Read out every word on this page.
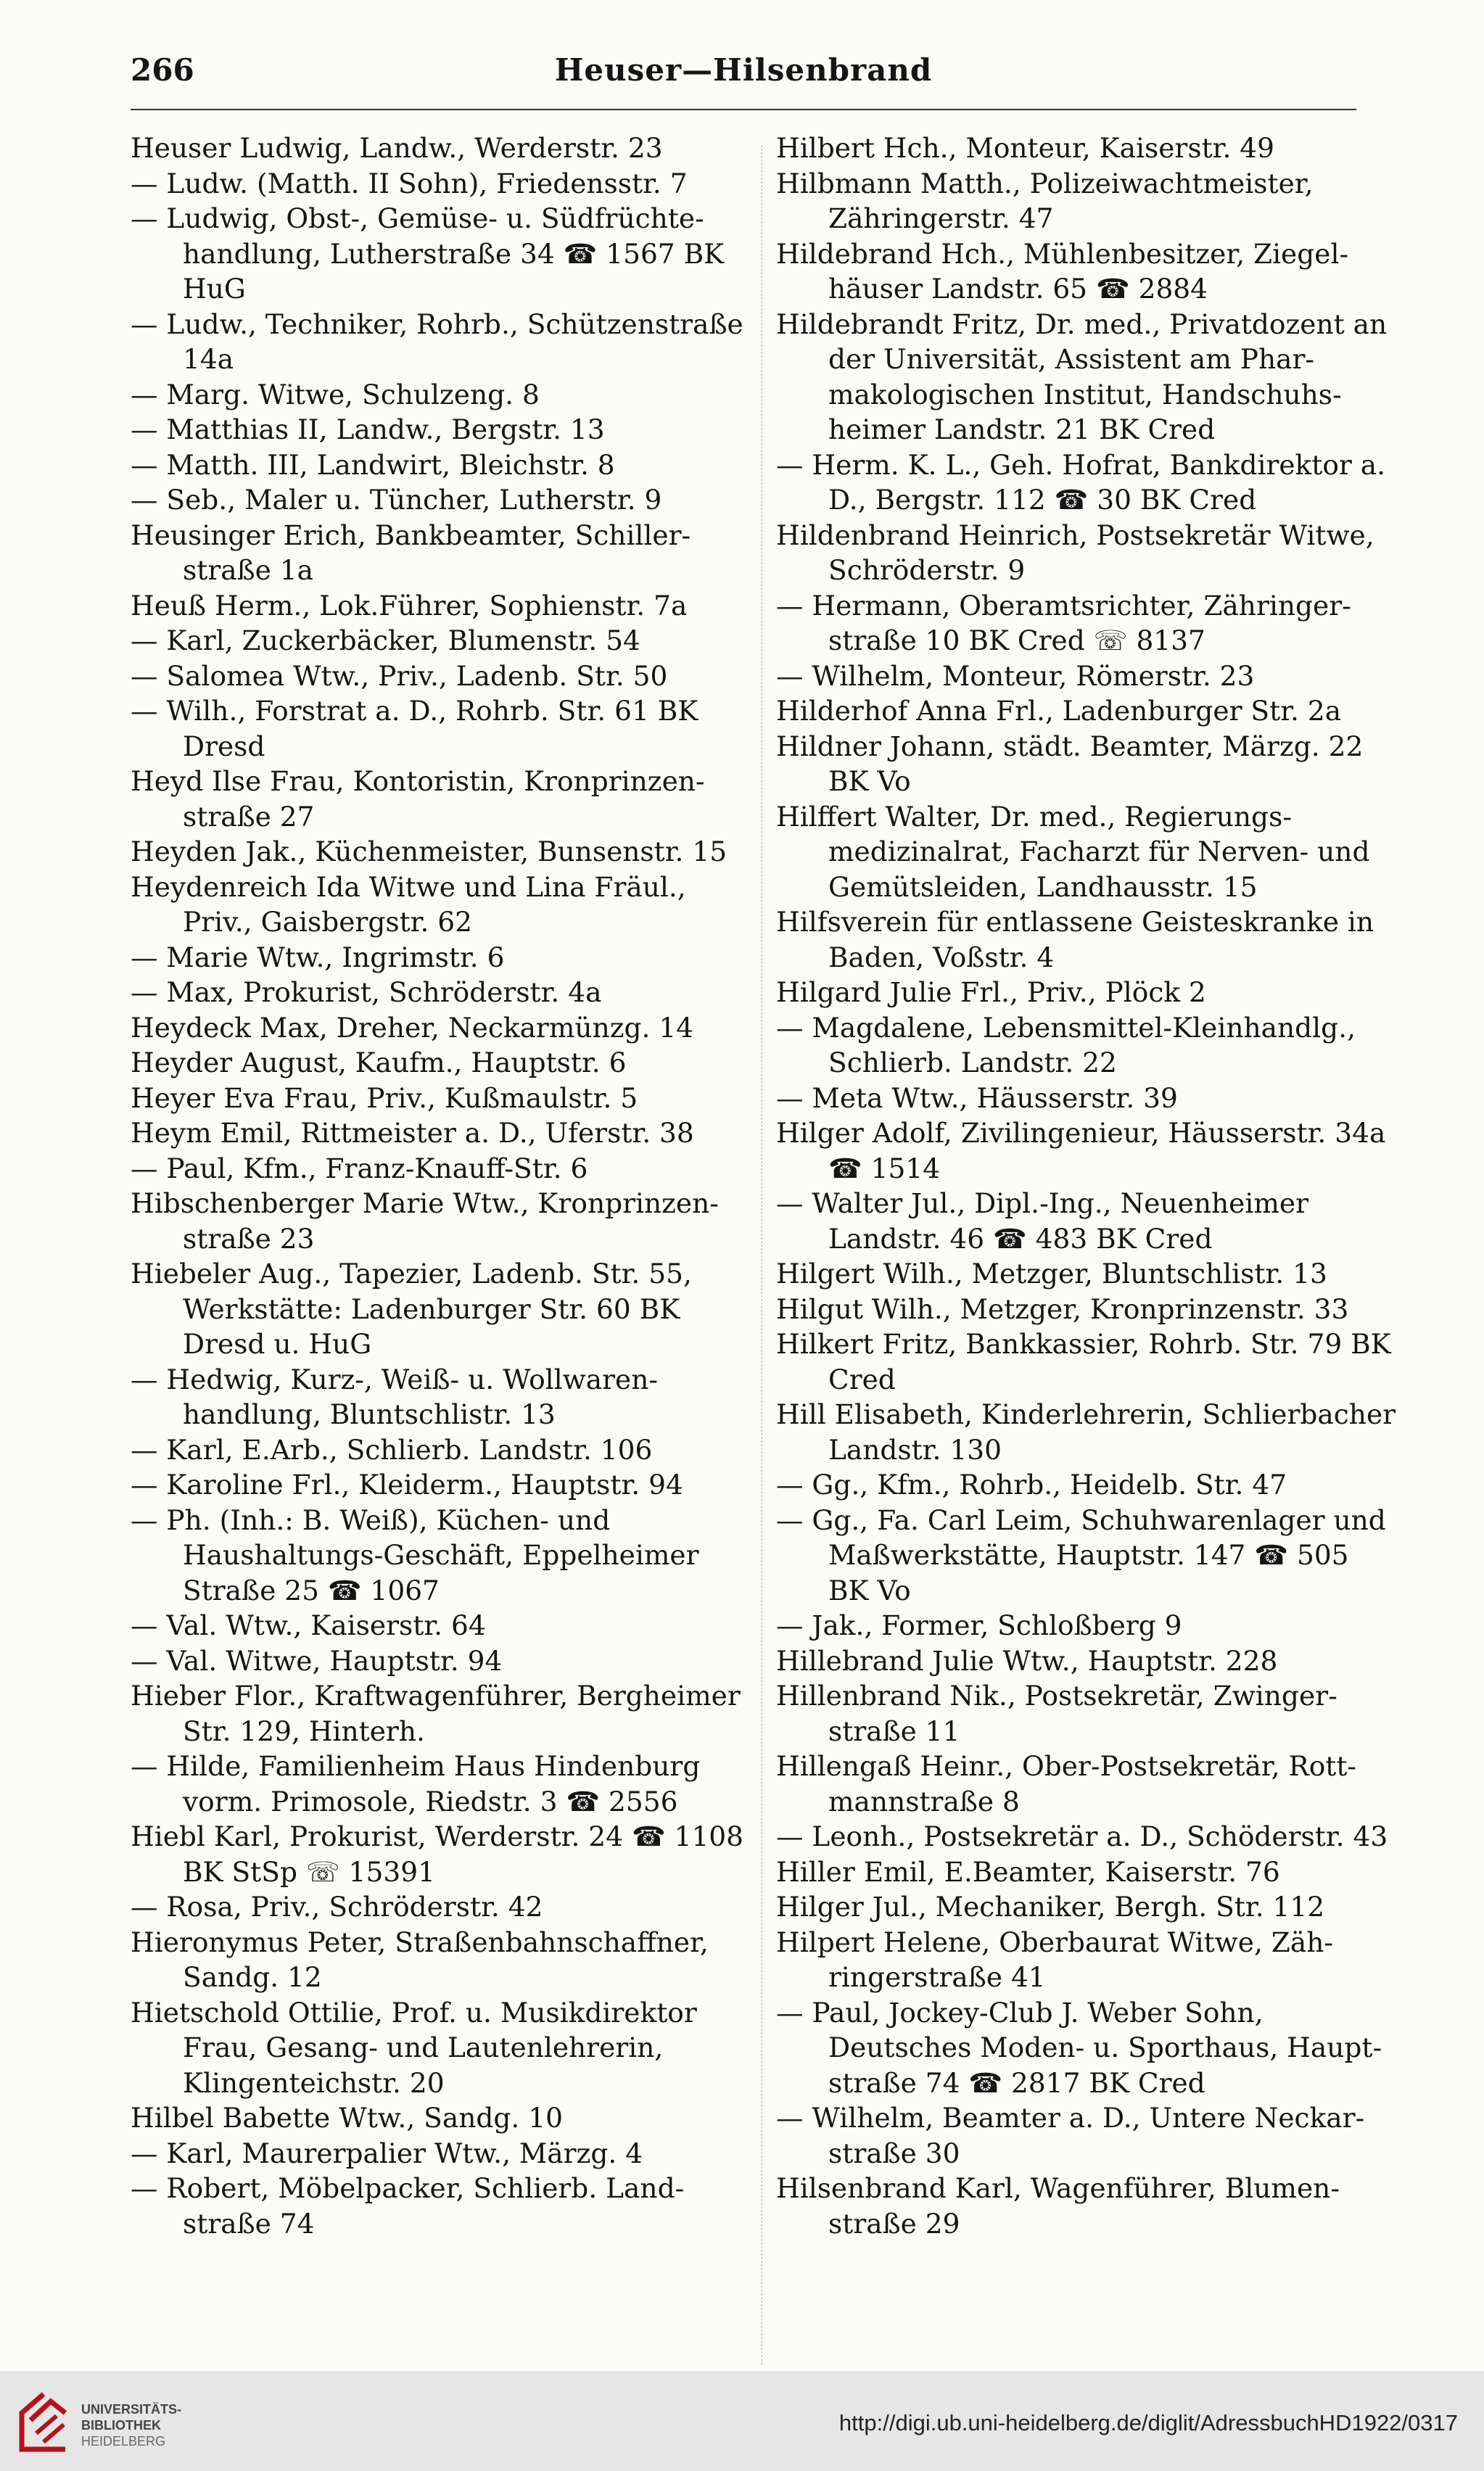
266	Heuser—Hilsenbrand

Heuser Ludwig, Landw., Werderstr. 23

— Ludw. (Matth. II Sohn), Friedensstr. 7

— Ludwig, Obst-, Gemüse- u. Südfrüchtehandlung, Lutherstraße 34 ☎ 1567 BK HuG

— Ludw., Techniker, Rohrb., Schützenstraße 14a

— Marg. Witwe, Schulzeng. 8

— Matthias II, Landw., Bergstr. 13

— Matth. III, Landwirt, Bleichstr. 8

— Seb., Maler u. Tüncher, Lutherstr. 9

Heusinger Erich, Bankbeamter, Schillerstraße 1a

Heuß Herm., Lok.Führer, Sophienstr. 7a

— Karl, Zuckerbäcker, Blumenstr. 54

— Salomea Wtw., Priv., Ladenb. Str. 50

— Wilh., Forstrat a. D., Rohrb. Str. 61 BK Dresd

Heyd Ilse Frau, Kontoristin, Kronprinzenstraße 27

Heyden Jak., Küchenmeister, Bunsenstr. 15

Heydenreich Ida Witwe und Lina Fräul., Priv., Gaisbergstr. 62

— Marie Wtw., Ingrimstr. 6

— Max, Prokurist, Schröderstr. 4a

Heydeck Max, Dreher, Neckarmünzg. 14

Heyder August, Kaufm., Hauptstr. 6

Heyer Eva Frau, Priv., Kußmaulstr. 5

Heym Emil, Rittmeister a. D., Uferstr. 38

— Paul, Kfm., Franz-Knauff-Str. 6

Hibschenberger Marie Wtw., Kronprinzenstraße 23

Hiebeler Aug., Tapezier, Ladenb. Str. 55, Werkstätte: Ladenburger Str. 60 BK Dresd u. HuG

— Hedwig, Kurz-, Weiß- u. Wollwarenhandlung, Bluntschlistr. 13

— Karl, E.Arb., Schlierb. Landstr. 106

— Karoline Frl., Kleiderm., Hauptstr. 94

— Ph. (Inh.: B. Weiß), Küchen- und Haushaltungs-Geschäft, Eppelheimer Straße 25 ☎ 1067

— Val. Wtw., Kaiserstr. 64

— Val. Witwe, Hauptstr. 94

Hieber Flor., Kraftwagenführer, Bergheimer Str. 129, Hinterh.

— Hilde, Familienheim Haus Hindenburg vorm. Primosole, Riedstr. 3 ☎ 2556

Hiebl Karl, Prokurist, Werderstr. 24 ☎ 1108 BK StSp ☏ 15391

— Rosa, Priv., Schröderstr. 42

Hieronymus Peter, Straßenbahnschaffner, Sandg. 12

Hietschold Ottilie, Prof. u. Musikdirektor Frau, Gesang- und Lautenlehrerin, Klingenteichstr. 20

Hilbel Babette Wtw., Sandg. 10

— Karl, Maurerpalier Wtw., Märzg. 4

— Robert, Möbelpacker, Schlierb. Landstraße 74

Hilbert Hch., Monteur, Kaiserstr. 49

Hilbmann Matth., Polizeiwachtmeister, Zähringerstr. 47

Hildebrand Hch., Mühlenbesitzer, Ziegelhäuser Landstr. 65 ☎ 2884

Hildebrandt Fritz, Dr. med., Privatdozent an der Universität, Assistent am Pharmakologischen Institut, Handschuhsheimer Landstr. 21 BK Cred

— Herm. K. L., Geh. Hofrat, Bankdirektor a. D., Bergstr. 112 ☎ 30 BK Cred

Hildenbrand Heinrich, Postsekretär Witwe, Schröderstr. 9

— Hermann, Oberamtsrichter, Zähringerstraße 10 BK Cred ☏ 8137

— Wilhelm, Monteur, Römerstr. 23

Hilderhof Anna Frl., Ladenburger Str. 2a

Hildner Johann, städt. Beamter, Märzg. 22 BK Vo

Hilffert Walter, Dr. med., Regierungsmedizinalrat, Facharzt für Nerven- und Gemütsleiden, Landhausstr. 15

Hilfsverein für entlassene Geisteskranke in Baden, Voßstr. 4

Hilgard Julie Frl., Priv., Plöck 2

— Magdalene, Lebensmittel-Kleinhandlg., Schlierb. Landstr. 22

— Meta Wtw., Häusserstr. 39

Hilger Adolf, Zivilingenieur, Häusserstr. 34a ☎ 1514

— Walter Jul., Dipl.-Ing., Neuenheimer Landstr. 46 ☎ 483 BK Cred

Hilgert Wilh., Metzger, Bluntschlistr. 13

Hilgut Wilh., Metzger, Kronprinzenstr. 33

Hilkert Fritz, Bankkassier, Rohrb. Str. 79 BK Cred

Hill Elisabeth, Kinderlehrerin, Schlierbacher Landstr. 130

— Gg., Kfm., Rohrb., Heidelb. Str. 47

— Gg., Fa. Carl Leim, Schuhwarenlager und Maßwerkstätte, Hauptstr. 147 ☎ 505 BK Vo

— Jak., Former, Schloßberg 9

Hillebrand Julie Wtw., Hauptstr. 228

Hillenbrand Nik., Postsekretär, Zwingerstraße 11

Hillengaß Heinr., Ober-Postsekretär, Rottmannstraße 8

— Leonh., Postsekretär a. D., Schöderstr. 43

Hiller Emil, E.Beamter, Kaiserstr. 76

Hilger Jul., Mechaniker, Bergh. Str. 112

Hilpert Helene, Oberbaurat Witwe, Zähringerstraße 41

— Paul, Jockey-Club J. Weber Sohn, Deutsches Moden- u. Sporthaus, Hauptstraße 74 ☎ 2817 BK Cred

— Wilhelm, Beamter a. D., Untere Neckarstraße 30

Hilsenbrand Karl, Wagenführer, Blumenstraße 29

UNIVERSITÄTS-
BIBLIOTHEK
HEIDELBERG
http://digi.ub.uni-heidelberg.de/diglit/AdressbuchHD1922/0317
